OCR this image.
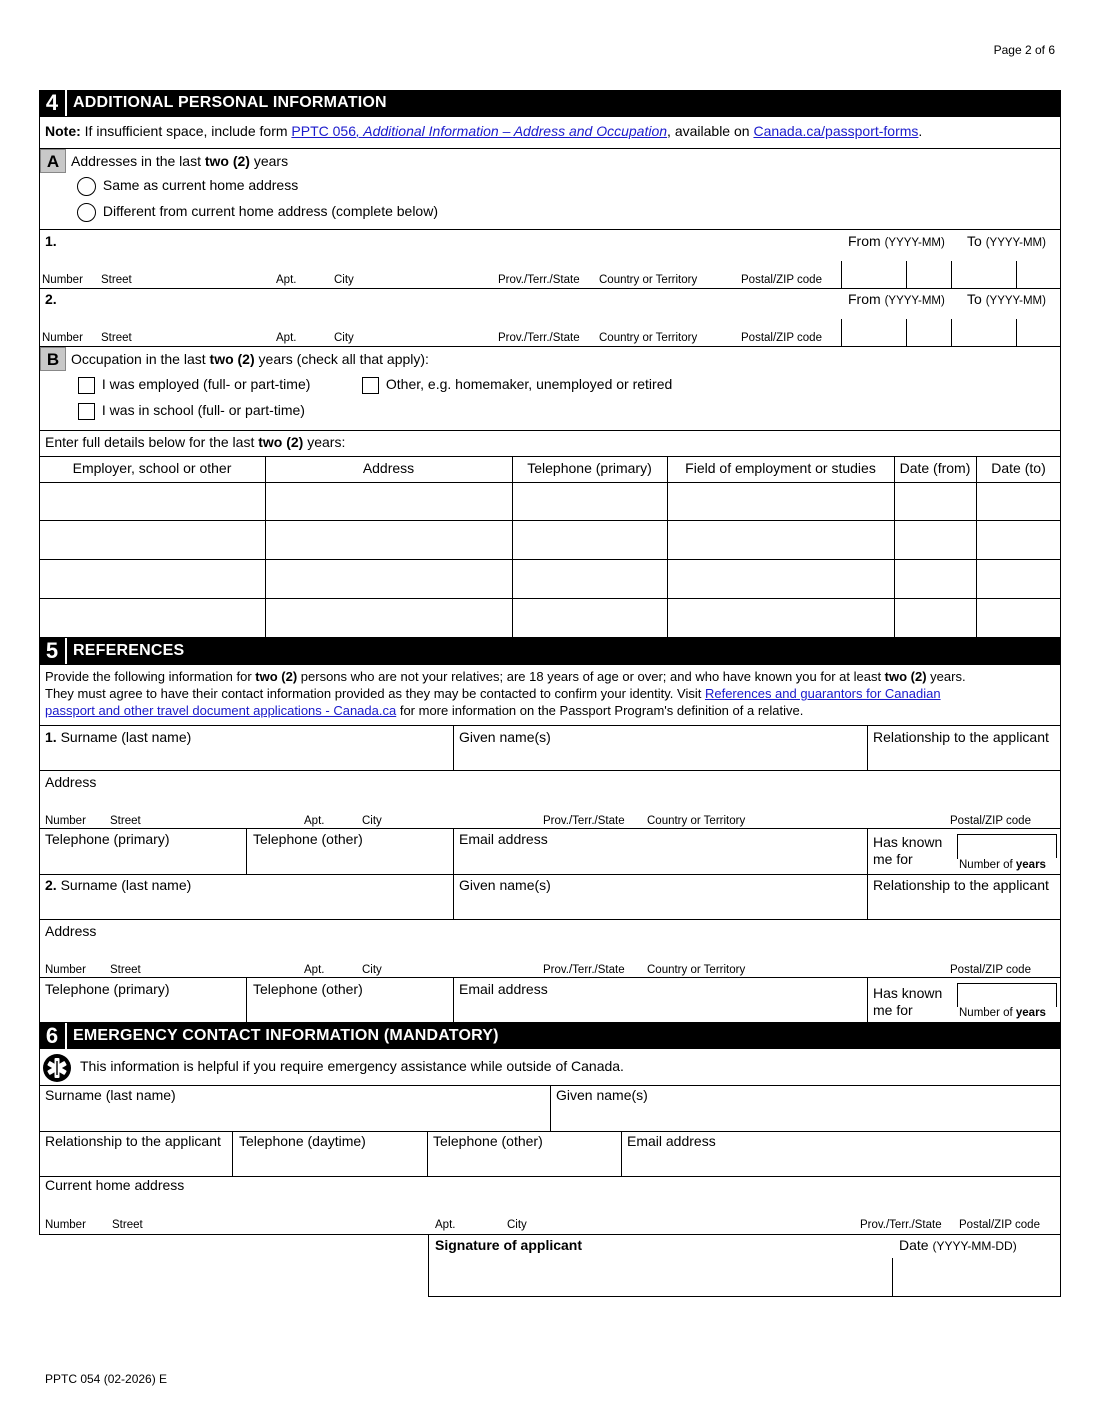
Page 2 of 6
4 ADDITIONAL PERSONAL INFORMATION
Note: If insufficient space, include form PPTC 056, Additional Information – Address and Occupation, available on Canada.ca/passport-forms.
A Addresses in the last two (2) years
Same as current home address
Different from current home address (complete below)
1.	From (YYYY-MM) To (YYYY-MM)
Number Street	Apt.	City	Prov./Terr./State Country or Territory	Postal/ZIP code
2.	From (YYYY-MM) To (YYYY-MM)
Number Street	Apt.	City	Prov./Terr./State Country or Territory	Postal/ZIP code
B Occupation in the last two (2) years (check all that apply):
I was employed (full- or part-time)	Other, e.g. homemaker, unemployed or retired
I was in school (full- or part-time)
Enter full details below for the last two (2) years:
Employer, school or other	Address	Telephone (primary)	Field of employment or studies	Date (from)	Date (to)
5 REFERENCES
Provide the following information for two (2) persons who are not your relatives; are 18 years of age or over; and who have known you for at least two (2) years.
They must agree to have their contact information provided as they may be contacted to confirm your identity. Visit References and guarantors for Canadian
passport and other travel document applications - Canada.ca for more information on the Passport Program's definition of a relative.
1. Surname (last name)	Given name(s)	Relationship to the applicant
Address
Number Street	Apt.	City	Prov./Terr./State Country or Territory	Postal/ZIP code
Telephone (primary)	Telephone (other)	Email address	Has known
me for	Number of years
2. Surname (last name)	Given name(s)	Relationship to the applicant
Address
Number Street	Apt.	City	Prov./Terr./State Country or Territory	Postal/ZIP code
Telephone (primary)	Telephone (other)	Email address	Has known
me for	Number of years
6 EMERGENCY CONTACT INFORMATION (MANDATORY)
This information is helpful if you require emergency assistance while outside of Canada.
Surname (last name)	Given name(s)
Relationship to the applicant Telephone (daytime)	Telephone (other)	Email address
Current home address
Number Street	Apt.	City	Prov./Terr./State Postal/ZIP code
Signature of applicant	Date (YYYY-MM-DD)
PPTC 054 (02-2026) E
